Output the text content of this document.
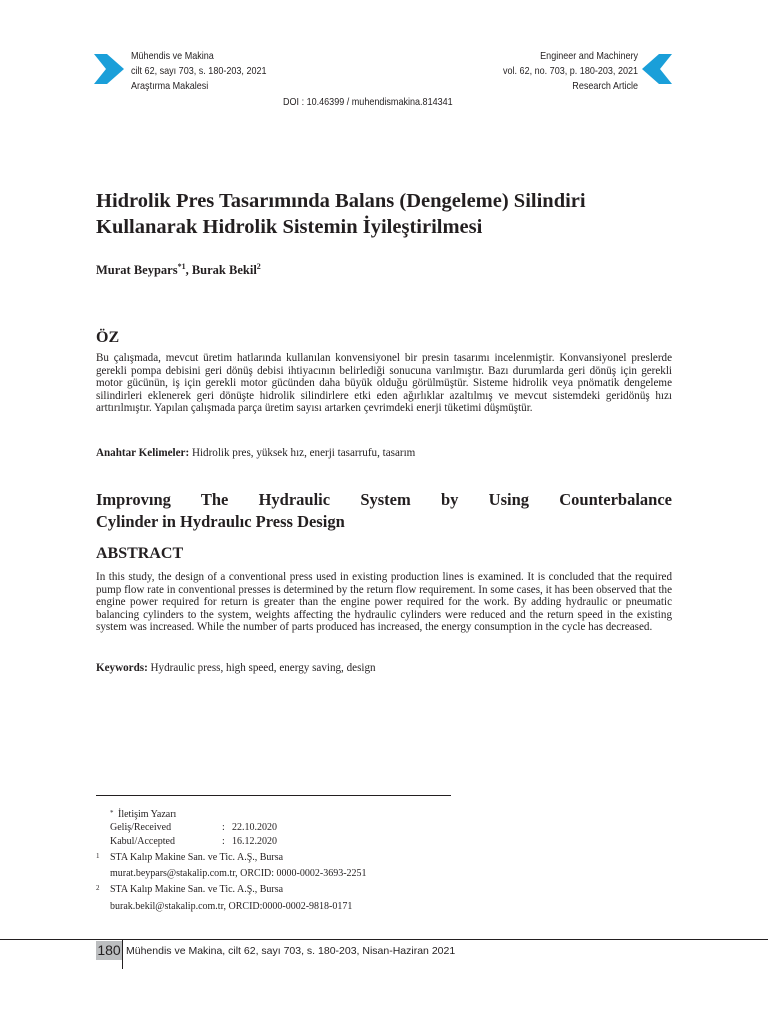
Mühendis ve Makina
cilt 62, sayı 703, s. 180-203, 2021
Araştırma Makalesi
Engineer and Machinery
vol. 62, no. 703, p. 180-203, 2021
Research Article
DOI : 10.46399 / muhendismakina.814341
Hidrolik Pres Tasarımında Balans (Dengeleme) Silindiri
Kullanarak Hidrolik Sistemin İyileştirilmesi
Murat Beypars$^{*1}$, Burak Bekil$^2$
ÖZ
Bu çalışmada, mevcut üretim hatlarında kullanılan konvensiyonel bir presin tasarımı incelenmiştir. Konvansiyonel preslerde gerekli pompa debisini geri dönüş debisi ihtiyacının belirlediği sonucuna varılmıştır. Bazı durumlarda geri dönüş için gerekli motor gücünün, iş için gerekli motor gücünden daha büyük olduğu görülmüştür. Sisteme hidrolik veya pnömatik dengeleme silindirleri eklenerek geri dönüşte hidrolik silindirlere etki eden ağırlıklar azaltılmış ve mevcut sistemdeki geridönüş hızı arttırılmıştır. Yapılan çalışmada parça üretim sayısı artarken çevrimdeki enerji tüketimi düşmüştür.
Anahtar Kelimeler: Hidrolik pres, yüksek hız, enerji tasarrufu, tasarım
Improvıng The Hydraulic System by Using Counterbalance
Cylinder in Hydraulıc Press Design
ABSTRACT
In this study, the design of a conventional press used in existing production lines is examined. It is concluded that the required pump flow rate in conventional presses is determined by the return flow requirement. In some cases, it has been observed that the engine power required for return is greater than the engine power required for the work. By adding hydraulic or pneumatic balancing cylinders to the system, weights affecting the hydraulic cylinders were reduced and the return speed in the existing system was increased. While the number of parts produced has increased, the energy consumption in the cycle has decreased.
Keywords: Hydraulic press, high speed, energy saving, design
* İletişim Yazarı
Geliş/Received	: 22.10.2020
Kabul/Accepted	: 16.12.2020
1 STA Kalıp Makine San. ve Tic. A.Ş., Bursa
murat.beypars@stakalip.com.tr, ORCID: 0000-0002-3693-2251
2 STA Kalıp Makine San. ve Tic. A.Ş., Bursa
burak.bekil@stakalip.com.tr, ORCID:0000-0002-9818-0171
180 Mühendis ve Makina, cilt 62, sayı 703, s. 180-203, Nisan-Haziran 2021
